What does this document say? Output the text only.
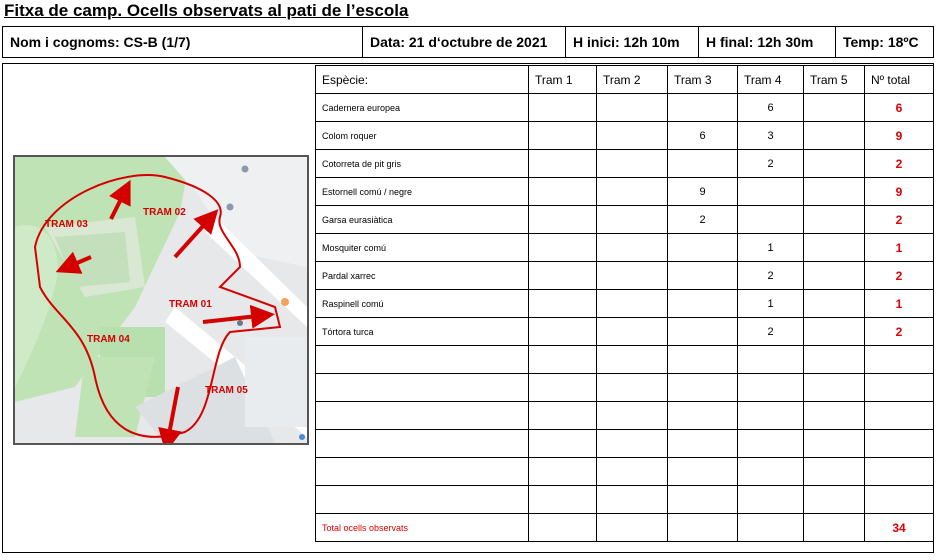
Fitxa de camp. Ocells observats al pati de l’escola
Nom i cognoms: CS-B (1/7)	Data: 21 d‘octubre de 2021	H inici: 12h 10m	H final: 12h 30m	Temp: 18ºC
TRAM 03
TRAM 02
TRAM 01
TRAM 04
TRAM 05
Espècie:	Tram 1	Tram 2	Tram 3	Tram 4	Tram 5	Nº total
Cadernera europea				6		6
Colom roquer			6	3		9
Cotorreta de pit gris				2		2
Estornell comú / negre			9			9
Garsa eurasiàtica			2			2
Mosquiter comú				1		1
Pardal xarrec				2		2
Raspinell comú				1		1
Tórtora turca				2		2

Total ocells observats						34
